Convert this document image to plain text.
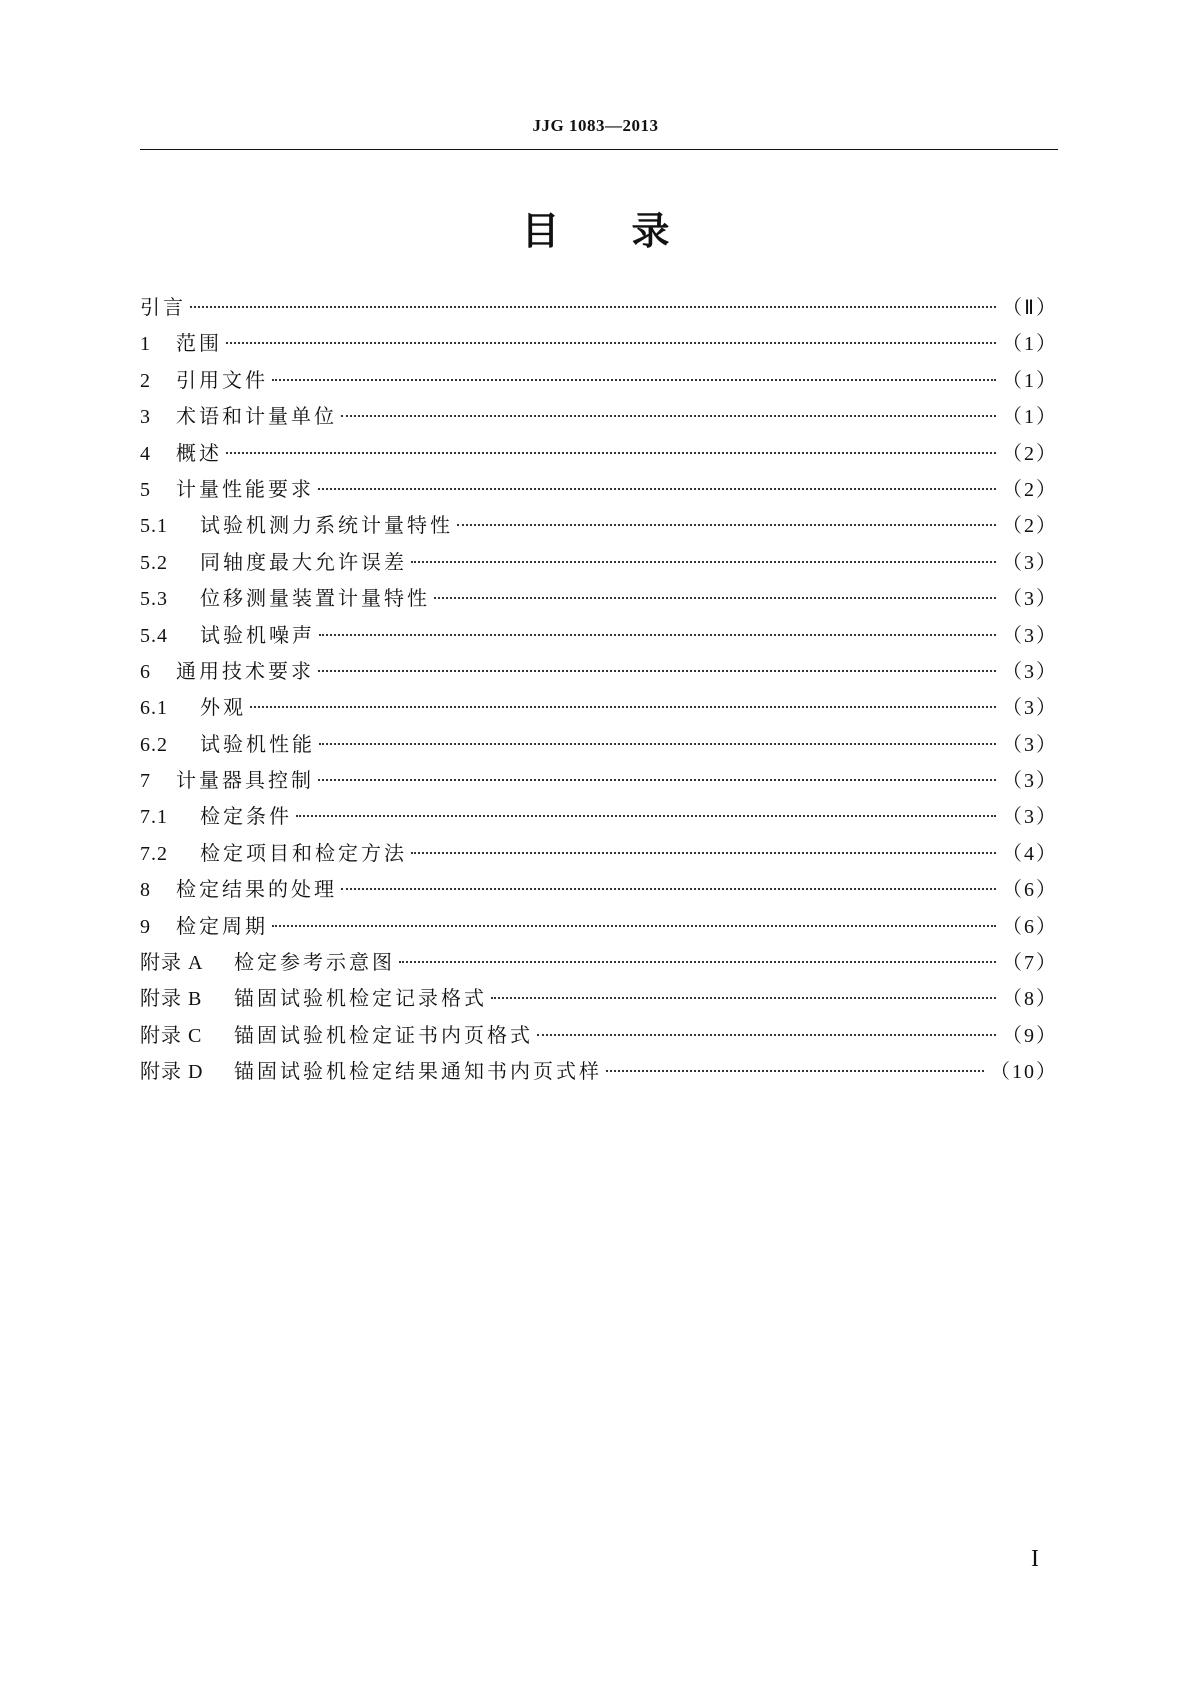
JJG 1083—2013
目录
引言	（Ⅱ）
1	范围	（1）
2	引用文件	（1）
3	术语和计量单位	（1）
4	概述	（2）
5	计量性能要求	（2）
5.1	试验机测力系统计量特性	（2）
5.2	同轴度最大允许误差	（3）
5.3	位移测量装置计量特性	（3）
5.4	试验机噪声	（3）
6	通用技术要求	（3）
6.1	外观	（3）
6.2	试验机性能	（3）
7	计量器具控制	（3）
7.1	检定条件	（3）
7.2	检定项目和检定方法	（4）
8	检定结果的处理	（6）
9	检定周期	（6）
附录 A	检定参考示意图	（7）
附录 B	锚固试验机检定记录格式	（8）
附录 C	锚固试验机检定证书内页格式	（9）
附录 D	锚固试验机检定结果通知书内页式样	（10）
I
